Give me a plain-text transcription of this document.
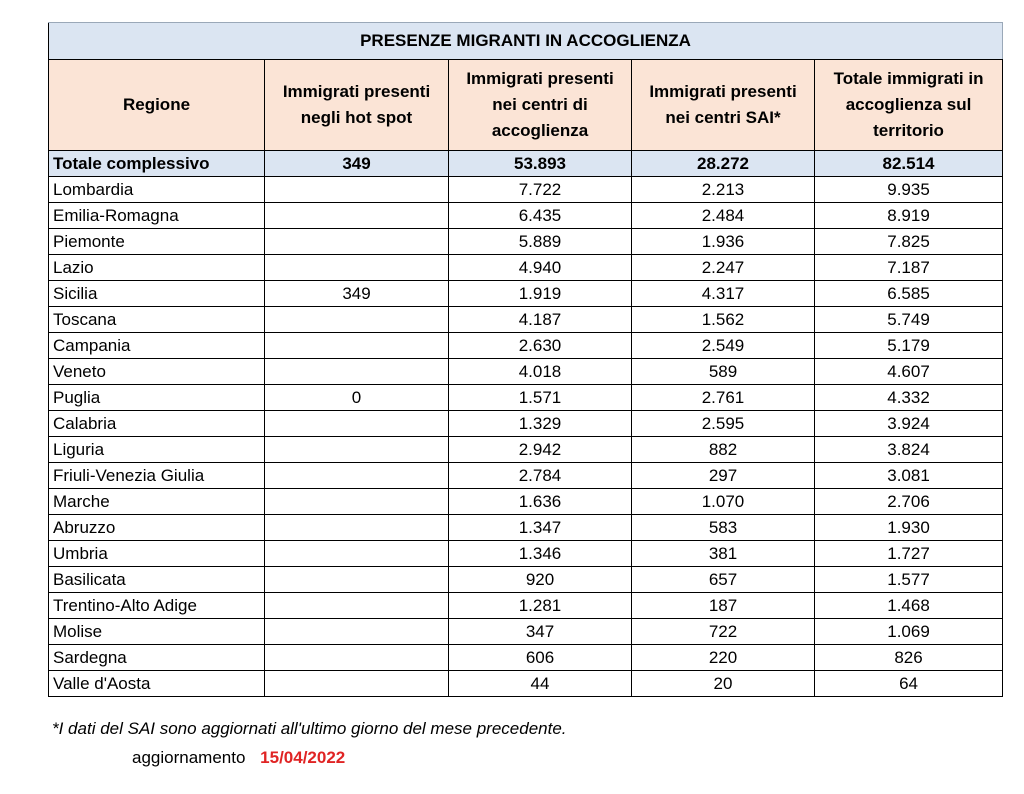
PRESENZE MIGRANTI IN ACCOGLIENZA				
Regione	Immigrati presenti negli hot spot	Immigrati presenti nei centri di accoglienza	Immigrati presenti nei centri SAI*	Totale immigrati in accoglienza sul territorio
Totale complessivo	349	53.893	28.272	82.514
Lombardia		7.722	2.213	9.935
Emilia-Romagna		6.435	2.484	8.919
Piemonte		5.889	1.936	7.825
Lazio		4.940	2.247	7.187
Sicilia	349	1.919	4.317	6.585
Toscana		4.187	1.562	5.749
Campania		2.630	2.549	5.179
Veneto		4.018	589	4.607
Puglia	0	1.571	2.761	4.332
Calabria		1.329	2.595	3.924
Liguria		2.942	882	3.824
Friuli-Venezia Giulia		2.784	297	3.081
Marche		1.636	1.070	2.706
Abruzzo		1.347	583	1.930
Umbria		1.346	381	1.727
Basilicata		920	657	1.577
Trentino-Alto Adige		1.281	187	1.468
Molise		347	722	1.069
Sardegna		606	220	826
Valle d'Aosta		44	20	64
*I dati del SAI sono aggiornati all'ultimo giorno del mese precedente.
aggiornamento 15/04/2022
